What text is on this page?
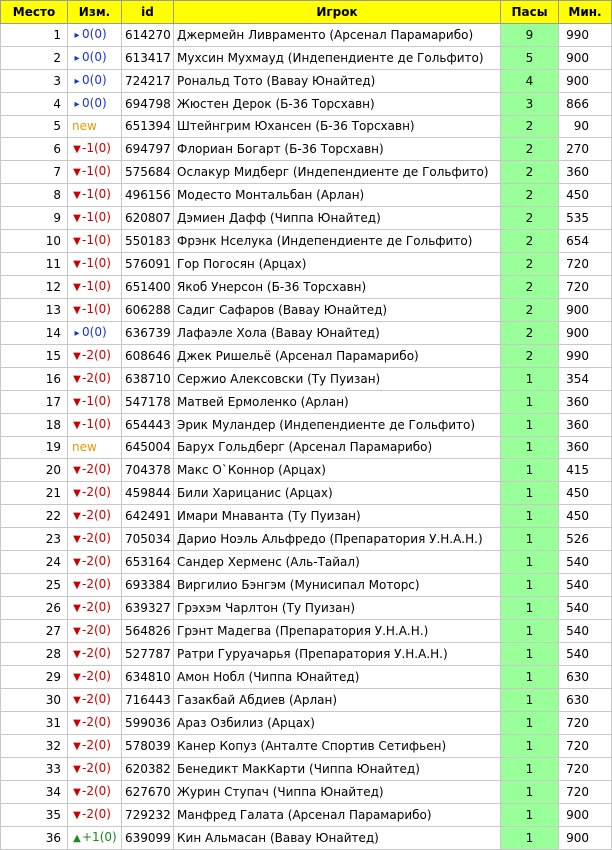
Место	Изм.	id	Игрок	Пасы	Мин.
1	▸ 0(0)	614270	Джермейн Ливраменто (Арсенал Парамарибо)	9	990
2	▸ 0(0)	613417	Мухсин Мухмауд (Индепендиенте де Гольфито)	5	900
3	▸ 0(0)	724217	Рональд Тото (Вавау Юнайтед)	4	900
4	▸ 0(0)	694798	Жюстен Дерок (Б-36 Торсхавн)	3	866
5	new	651394	Штейнгрим Юхансен (Б-36 Торсхавн)	2	90
6	▼-1(0)	694797	Флориан Богарт (Б-36 Торсхавн)	2	270
7	▼-1(0)	575684	Ослакур Мидберг (Индепендиенте де Гольфито)	2	360
8	▼-1(0)	496156	Модесто Монтальбан (Арлан)	2	450
9	▼-1(0)	620807	Дэмиен Дафф (Чиппа Юнайтед)	2	535
10	▼-1(0)	550183	Фрэнк Нселука (Индепендиенте де Гольфито)	2	654
11	▼-1(0)	576091	Гор Погосян (Арцах)	2	720
12	▼-1(0)	651400	Якоб Унерсон (Б-36 Торсхавн)	2	720
13	▼-1(0)	606288	Садиг Сафаров (Вавау Юнайтед)	2	900
14	▸ 0(0)	636739	Лафаэле Хола (Вавау Юнайтед)	2	900
15	▼-2(0)	608646	Джек Ришельё (Арсенал Парамарибо)	2	990
16	▼-2(0)	638710	Сержио Алексовски (Ту Пуизан)	1	354
17	▼-1(0)	547178	Матвей Ермоленко (Арлан)	1	360
18	▼-1(0)	654443	Эрик Муландер (Индепендиенте де Гольфито)	1	360
19	new	645004	Барух Гольдберг (Арсенал Парамарибо)	1	360
20	▼-2(0)	704378	Макс О`Коннор (Арцах)	1	415
21	▼-2(0)	459844	Били Харицанис (Арцах)	1	450
22	▼-2(0)	642491	Имари Мнаванта (Ту Пуизан)	1	450
23	▼-2(0)	705034	Дарио Ноэль Альфредо (Препаратория У.Н.А.Н.)	1	526
24	▼-2(0)	653164	Сандер Херменс (Аль-Тайал)	1	540
25	▼-2(0)	693384	Виргилио Бэнгэм (Мунисипал Моторс)	1	540
26	▼-2(0)	639327	Грэхэм Чарлтон (Ту Пуизан)	1	540
27	▼-2(0)	564826	Грэнт Мадегва (Препаратория У.Н.А.Н.)	1	540
28	▼-2(0)	527787	Ратри Гуруачарья (Препаратория У.Н.А.Н.)	1	540
29	▼-2(0)	634810	Амон Нобл (Чиппа Юнайтед)	1	630
30	▼-2(0)	716443	Газакбай Абдиев (Арлан)	1	630
31	▼-2(0)	599036	Араз Озбилиз (Арцах)	1	720
32	▼-2(0)	578039	Канер Копуз (Анталте Спортив Сетифьен)	1	720
33	▼-2(0)	620382	Бенедикт МакКарти (Чиппа Юнайтед)	1	720
34	▼-2(0)	627670	Журин Ступач (Чиппа Юнайтед)	1	720
35	▼-2(0)	729232	Манфред Галата (Арсенал Парамарибо)	1	900
36	▲+1(0)	639099	Кин Альмасан (Вавау Юнайтед)	1	900
